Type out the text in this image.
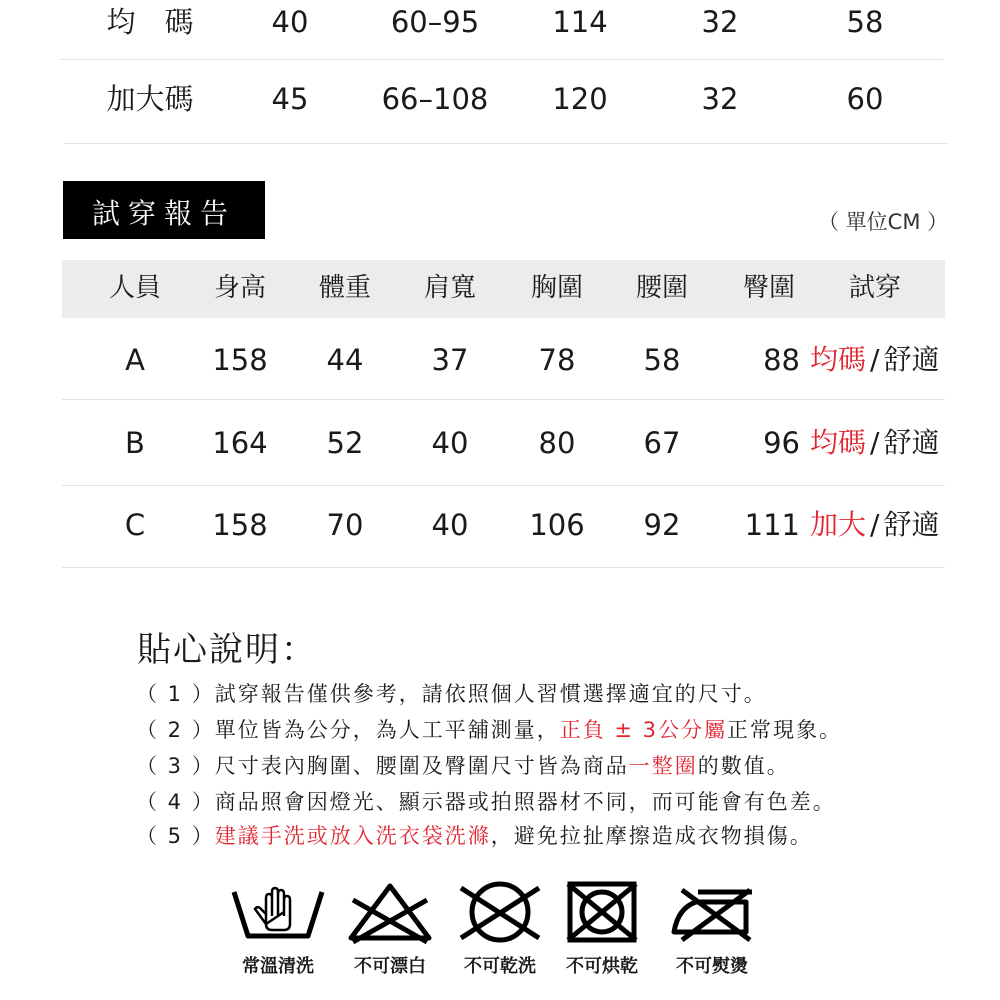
均　碼	40	60–95	114	32	58
加大碼	45	66–108	120	32	60
試穿報告	（ 單位CM ）
人員	身高	體重	肩寬	胸圍	腰圍	臀圍	試穿
A	158	44	37	78	58	88 均碼 / 舒適
B	164	52	40	80	67	96 均碼 / 舒適
C	158	70	40	106	92	111 加大 / 舒適
貼心說明：
（ 1 ）試穿報告僅供參考，請依照個人習慣選擇適宜的尺寸。
（ 2 ）單位皆為公分，為人工平舖測量，正負 ± 3公分屬正常現象。
（ 3 ）尺寸表內胸圍、腰圍及臀圍尺寸皆為商品一整圈的數值。
（ 4 ）商品照會因燈光、顯示器或拍照器材不同，而可能會有色差。
（ 5 ）建議手洗或放入洗衣袋洗滌，避免拉扯摩擦造成衣物損傷。
常溫清洗	不可漂白	不可乾洗	不可烘乾	不可熨燙
